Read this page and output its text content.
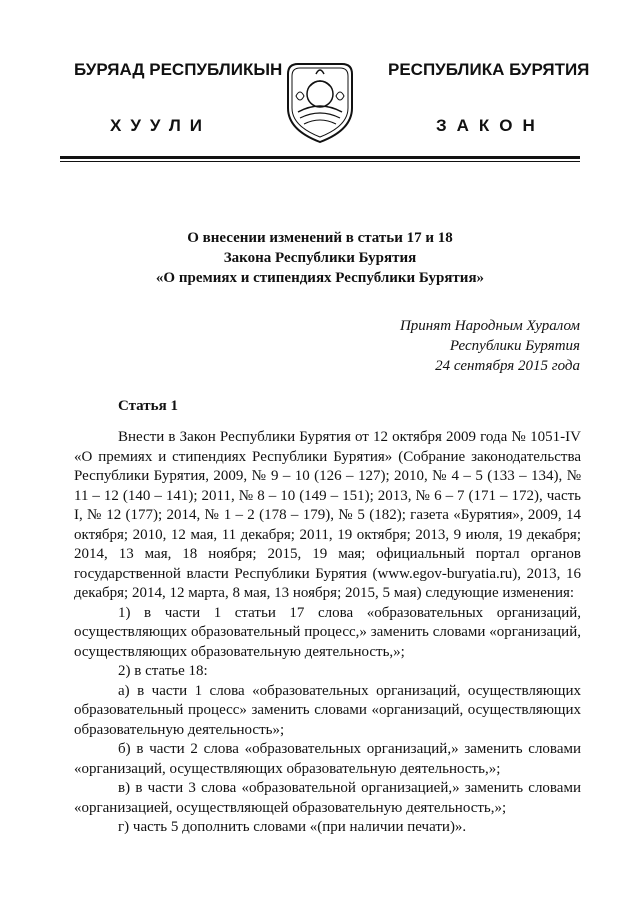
БУРЯАД РЕСПУБЛИКЫН
ХУУЛИ
РЕСПУБЛИКА БУРЯТИЯ
ЗАКОН
О внесении изменений в статьи 17 и 18
Закона Республики Бурятия
«О премиях и стипендиях Республики Бурятия»
Принят Народным Хуралом
Республики Бурятия
24 сентября 2015 года
Статья 1

Внести в Закон Республики Бурятия от 12 октября 2009 года № 1051-IV «О премиях и стипендиях Республики Бурятия» (Собрание законодательства Республики Бурятия, 2009, № 9 – 10 (126 – 127); 2010, № 4 – 5 (133 – 134), № 11 – 12 (140 – 141); 2011, № 8 – 10 (149 – 151); 2013, № 6 – 7 (171 – 172), часть I, № 12 (177); 2014, № 1 – 2 (178 – 179), № 5 (182); газета «Бурятия», 2009, 14 октября; 2010, 12 мая, 11 декабря; 2011, 19 октября; 2013, 9 июля, 19 декабря; 2014, 13 мая, 18 ноября; 2015, 19 мая; официальный портал органов государственной власти Республики Бурятия (www.egov-buryatia.ru), 2013, 16 декабря; 2014, 12 марта, 8 мая, 13 ноября; 2015, 5 мая) следующие изменения:

1) в части 1 статьи 17 слова «образовательных организаций, осуществляющих образовательный процесс,» заменить словами «организаций, осуществляющих образовательную деятельность,»;

2) в статье 18:

а) в части 1 слова «образовательных организаций, осуществляющих образовательный процесс» заменить словами «организаций, осуществляющих образовательную деятельность»;

б) в части 2 слова «образовательных организаций,» заменить словами «организаций, осуществляющих образовательную деятельность,»;

в) в части 3 слова «образовательной организацией,» заменить словами «организацией, осуществляющей образовательную деятельность,»;

г) часть 5 дополнить словами «(при наличии печати)».
